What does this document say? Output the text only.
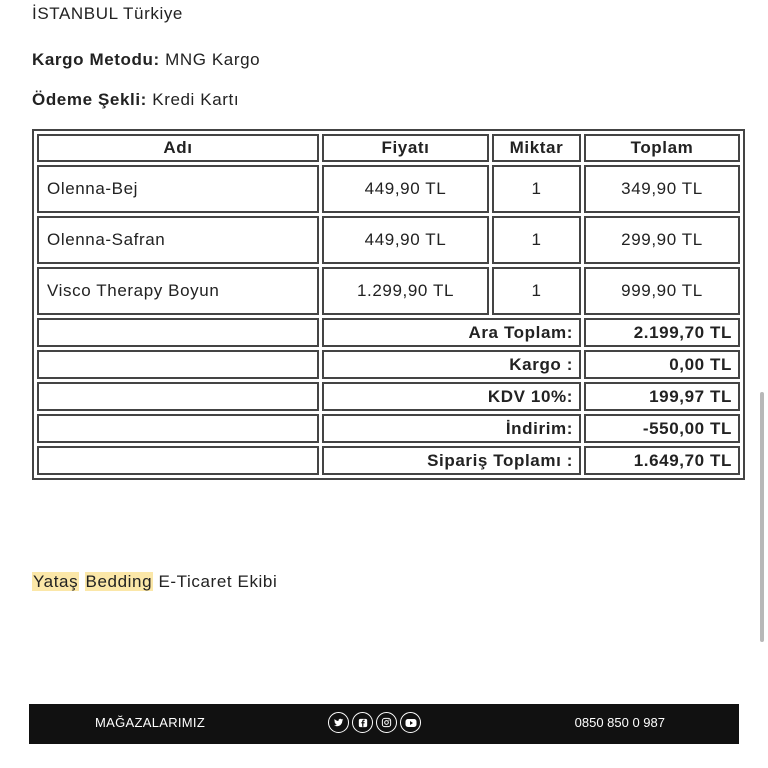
İSTANBUL Türkiye
Kargo Metodu: MNG Kargo
Ödeme Şekli: Kredi Kartı
Adı	Fiyatı	Miktar	Toplam
Olenna-Bej	449,90 TL	1	349,90 TL
Olenna-Safran	449,90 TL	1	299,90 TL
Visco Therapy Boyun	1.299,90 TL	1	999,90 TL
	Ara Toplam:		2.199,70 TL
	Kargo :		0,00 TL
	KDV 10%:		199,97 TL
	İndirim:		-550,00 TL
	Sipariş Toplamı :		1.649,70 TL
Yataş Bedding E-Ticaret Ekibi
MAĞAZALARIMIZ	0850 850 0 987
